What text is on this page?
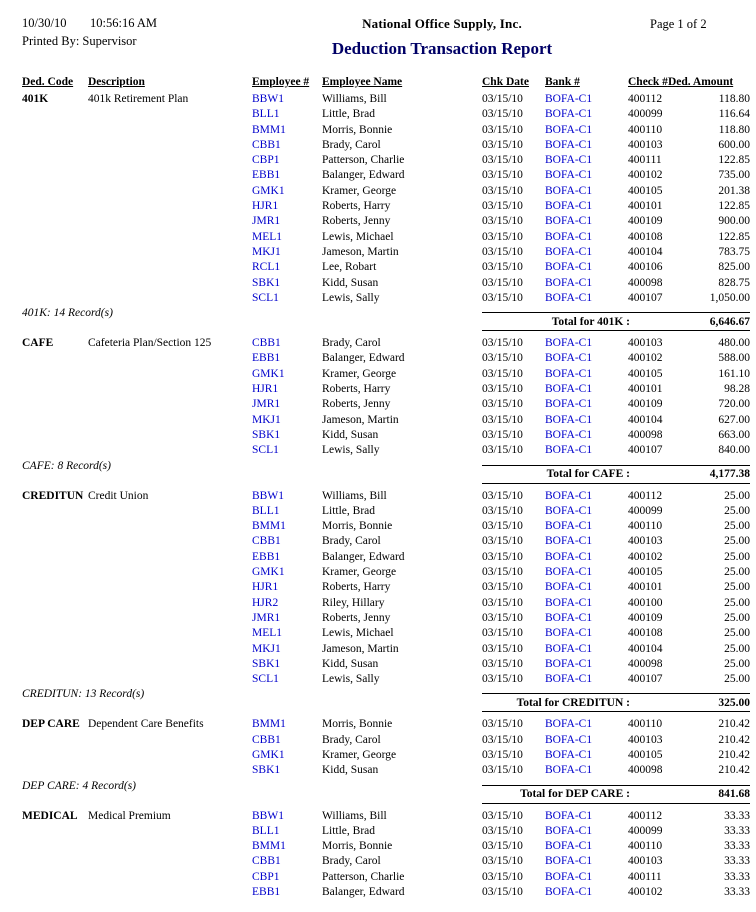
10/30/10 10:56:16 AM
Printed By: Supervisor
National Office Supply, Inc.
Deduction Transaction Report
Page 1 of 2
Ded. Code	Description	Employee #	Employee Name	Chk Date	Bank #	Check # Ded. Amount
401K	401k Retirement Plan	BBW1	Williams, Bill	03/15/10	BOFA-C1	400112	118.80
BLL1	Little, Brad	03/15/10	BOFA-C1	400099	116.64
BMM1	Morris, Bonnie	03/15/10	BOFA-C1	400110	118.80
CBB1	Brady, Carol	03/15/10	BOFA-C1	400103	600.00
CBP1	Patterson, Charlie	03/15/10	BOFA-C1	400111	122.85
EBB1	Balanger, Edward	03/15/10	BOFA-C1	400102	735.00
GMK1	Kramer, George	03/15/10	BOFA-C1	400105	201.38
HJR1	Roberts, Harry	03/15/10	BOFA-C1	400101	122.85
JMR1	Roberts, Jenny	03/15/10	BOFA-C1	400109	900.00
MEL1	Lewis, Michael	03/15/10	BOFA-C1	400108	122.85
MKJ1	Jameson, Martin	03/15/10	BOFA-C1	400104	783.75
RCL1	Lee, Robart	03/15/10	BOFA-C1	400106	825.00
SBK1	Kidd, Susan	03/15/10	BOFA-C1	400098	828.75
SCL1	Lewis, Sally	03/15/10	BOFA-C1	400107	1,050.00
401K: 14 Record(s)
Total for 401K :	6,646.67
CAFE	Cafeteria Plan/Section 125	CBB1	Brady, Carol	03/15/10	BOFA-C1	400103	480.00
EBB1	Balanger, Edward	03/15/10	BOFA-C1	400102	588.00
GMK1	Kramer, George	03/15/10	BOFA-C1	400105	161.10
HJR1	Roberts, Harry	03/15/10	BOFA-C1	400101	98.28
JMR1	Roberts, Jenny	03/15/10	BOFA-C1	400109	720.00
MKJ1	Jameson, Martin	03/15/10	BOFA-C1	400104	627.00
SBK1	Kidd, Susan	03/15/10	BOFA-C1	400098	663.00
SCL1	Lewis, Sally	03/15/10	BOFA-C1	400107	840.00
CAFE: 8 Record(s)
Total for CAFE :	4,177.38
CREDITUN Credit Union	BBW1	Williams, Bill	03/15/10	BOFA-C1	400112	25.00
BLL1	Little, Brad	03/15/10	BOFA-C1	400099	25.00
BMM1	Morris, Bonnie	03/15/10	BOFA-C1	400110	25.00
CBB1	Brady, Carol	03/15/10	BOFA-C1	400103	25.00
EBB1	Balanger, Edward	03/15/10	BOFA-C1	400102	25.00
GMK1	Kramer, George	03/15/10	BOFA-C1	400105	25.00
HJR1	Roberts, Harry	03/15/10	BOFA-C1	400101	25.00
HJR2	Riley, Hillary	03/15/10	BOFA-C1	400100	25.00
JMR1	Roberts, Jenny	03/15/10	BOFA-C1	400109	25.00
MEL1	Lewis, Michael	03/15/10	BOFA-C1	400108	25.00
MKJ1	Jameson, Martin	03/15/10	BOFA-C1	400104	25.00
SBK1	Kidd, Susan	03/15/10	BOFA-C1	400098	25.00
SCL1	Lewis, Sally	03/15/10	BOFA-C1	400107	25.00
CREDITUN: 13 Record(s)
Total for CREDITUN :	325.00
DEP CARE Dependent Care Benefits	BMM1	Morris, Bonnie	03/15/10	BOFA-C1	400110	210.42
CBB1	Brady, Carol	03/15/10	BOFA-C1	400103	210.42
GMK1	Kramer, George	03/15/10	BOFA-C1	400105	210.42
SBK1	Kidd, Susan	03/15/10	BOFA-C1	400098	210.42
DEP CARE: 4 Record(s)
Total for DEP CARE :	841.68
MEDICAL Medical Premium	BBW1	Williams, Bill	03/15/10	BOFA-C1	400112	33.33
BLL1	Little, Brad	03/15/10	BOFA-C1	400099	33.33
BMM1	Morris, Bonnie	03/15/10	BOFA-C1	400110	33.33
CBB1	Brady, Carol	03/15/10	BOFA-C1	400103	33.33
CBP1	Patterson, Charlie	03/15/10	BOFA-C1	400111	33.33
EBB1	Balanger, Edward	03/15/10	BOFA-C1	400102	33.33
